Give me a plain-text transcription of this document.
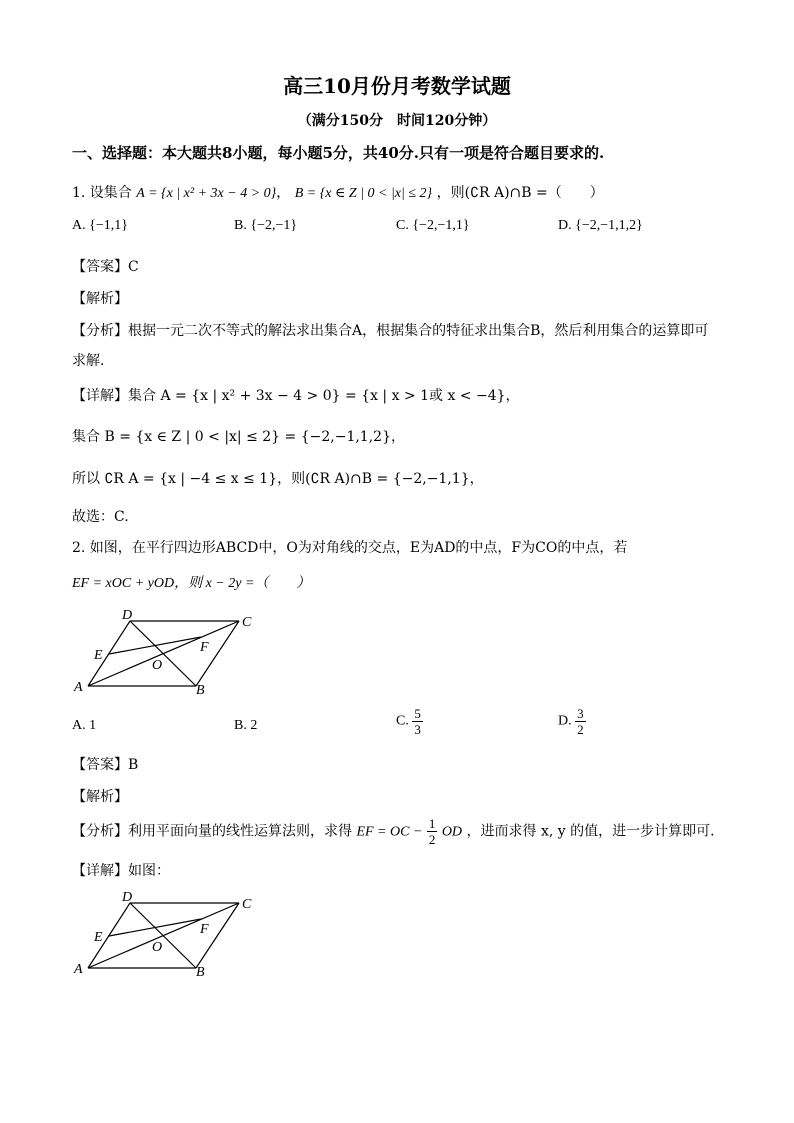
高三10月份月考数学试题
（满分150分　时间120分钟）
一、选择题：本大题共8小题，每小题5分，共40分.只有一项是符合题目要求的.
1. 设集合 A = {x | x² + 3x − 4 > 0}， B = {x ∈ Z | 0 < |x| ≤ 2} ，则(∁R A)∩B =（　　）
A. {−1,1}	B. {−2,−1}	C. {−2,−1,1}	D. {−2,−1,1,2}
【答案】C
【解析】
【分析】根据一元二次不等式的解法求出集合A，根据集合的特征求出集合B，然后利用集合的运算即可
求解.
【详解】集合 A = {x | x² + 3x − 4 > 0} = {x | x > 1或 x < −4}，
集合 B = {x ∈ Z | 0 < |x| ≤ 2} = {−2,−1,1,2}，
所以 ∁R A = {x | −4 ≤ x ≤ 1}，则(∁R A)∩B = {−2,−1,1}，
故选：C.
2. 如图，在平行四边形ABCD中，O为对角线的交点，E为AD的中点，F为CO的中点，若
EF = xOC + yOD，则 x − 2y =（　　）
D	C
E
F
O
A	B
A. 1	B. 2	C. $\frac{5}{3}$	D. $\frac{3}{2}$
【答案】B
【解析】
【分析】利用平面向量的线性运算法则，求得 EF = OC − $\frac{1}{2}$ OD ，进而求得 x, y 的值，进一步计算即可.
【详解】如图：
D	C
E
F
O
A	B
